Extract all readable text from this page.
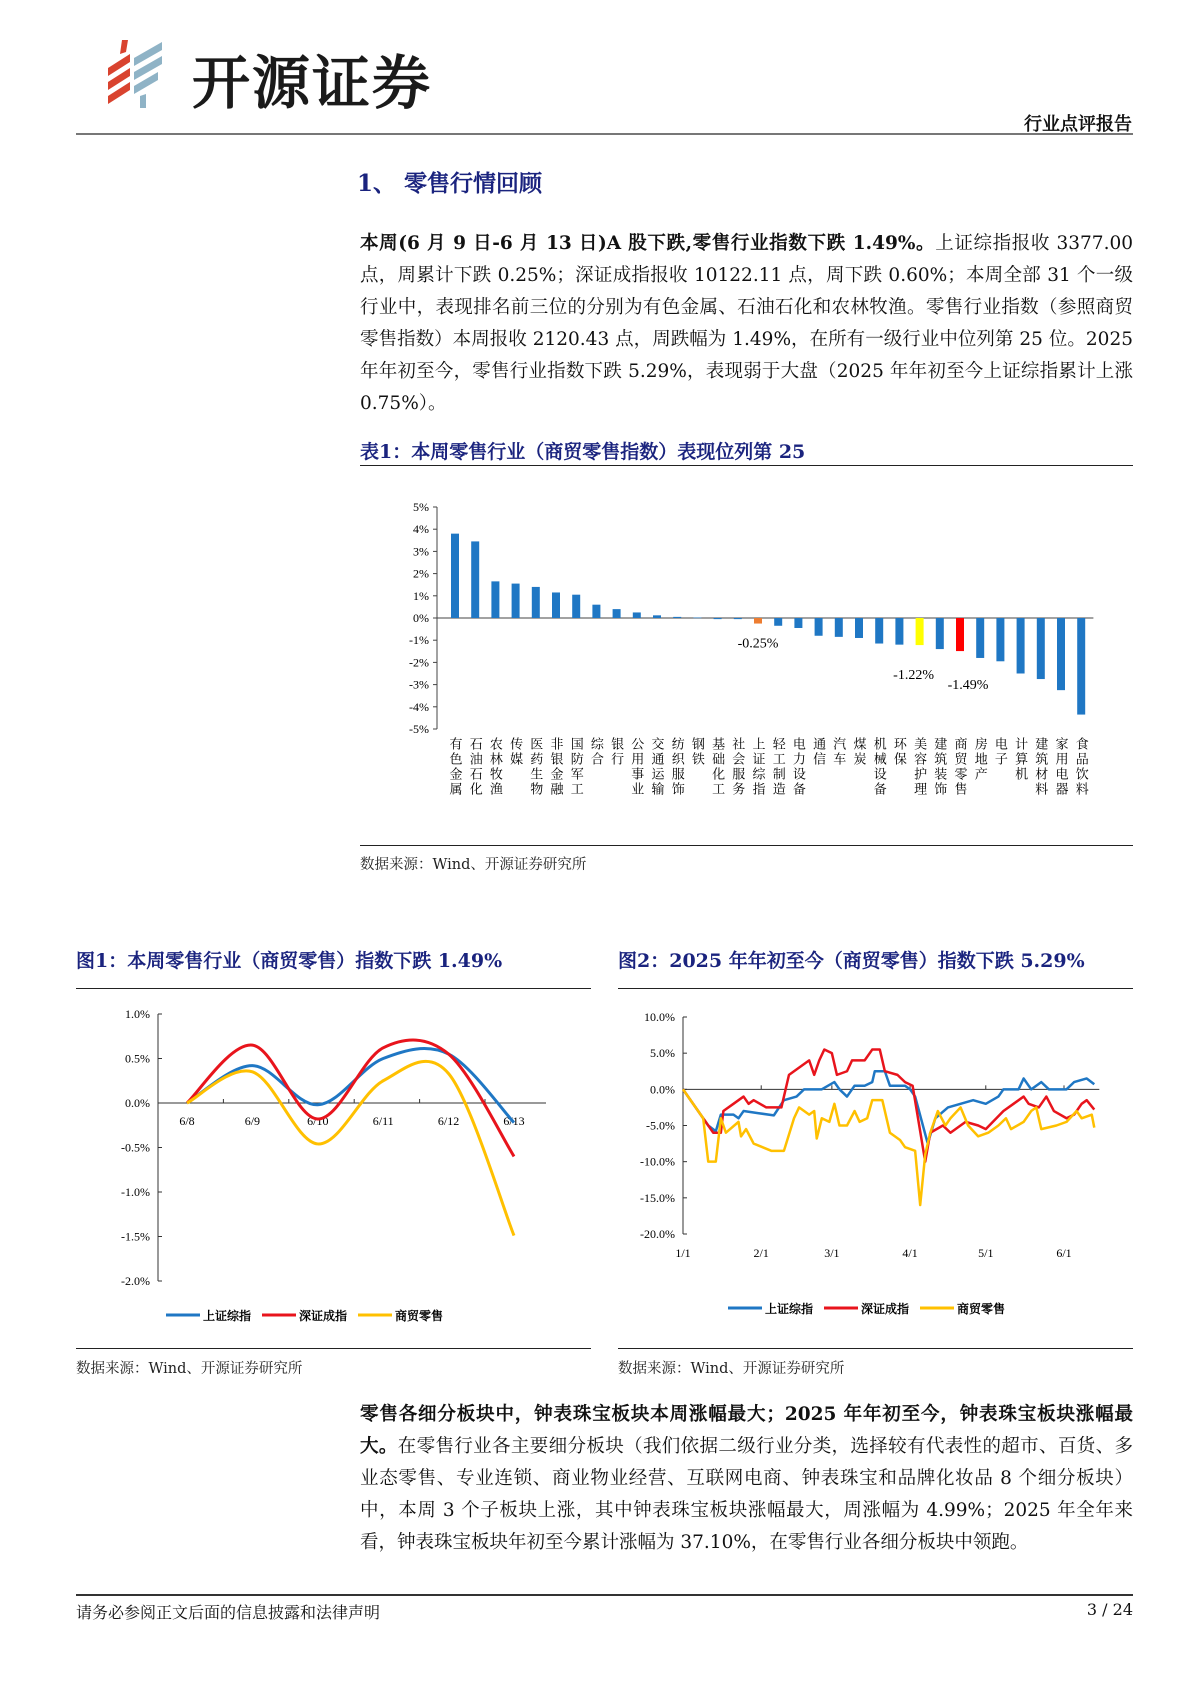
开源证券
行业点评报告
1、 零售行情回顾
本周(6 月 9 日-6 月 13 日)A 股下跌,零售行业指数下跌 1.49%。上证综指报收 3377.00 点，周累计下跌 0.25%；深证成指报收 10122.11 点，周下跌 0.60%；本周全部 31 个一级行业中，表现排名前三位的分别为有色金属、石油石化和农林牧渔。零售行业指数（参照商贸零售指数）本周报收 2120.43 点，周跌幅为 1.49%，在所有一级行业中位列第 25 位。2025 年年初至今，零售行业指数下跌 5.29%，表现弱于大盘（2025 年年初至今上证综指累计上涨 0.75%）。
表1：本周零售行业（商贸零售指数）表现位列第 25
5%
4%
3%
2%
1%
0%
-1%
-2%
-3%
-4%
-5%
有色金属 石油石化 农林牧渔 传媒 医药生物 非银金融 国防军工 综合 银行 公用事业 交通运输 纺织服饰 钢铁 基础化工 社会服务 上证综指 轻工制造 电力设备 通信 汽车 煤炭 机械设备 环保 美容护理 建筑装饰 商贸零售 房地产 电子 计算机 建筑材料 家用电器 食品饮料
-0.25%
-1.22%
-1.49%
数据来源：Wind、开源证券研究所
图1：本周零售行业（商贸零售）指数下跌 1.49%	图2：2025 年年初至今（商贸零售）指数下跌 5.29%
1.0%
0.5%
0.0%
-0.5%
-1.0%
-1.5%
-2.0%
6/8	6/9	6/10	6/11	6/12	6/13
上证综指	深证成指	商贸零售
10.0%
5.0%
0.0%
-5.0%
-10.0%
-15.0%
-20.0%
1/1	2/1	3/1	4/1	5/1	6/1
上证综指	深证成指	商贸零售
数据来源：Wind、开源证券研究所	数据来源：Wind、开源证券研究所
零售各细分板块中，钟表珠宝板块本周涨幅最大；2025 年年初至今，钟表珠宝板块涨幅最大。在零售行业各主要细分板块（我们依据二级行业分类，选择较有代表性的超市、百货、多业态零售、专业连锁、商业物业经营、互联网电商、钟表珠宝和品牌化妆品 8 个细分板块）中，本周 3 个子板块上涨，其中钟表珠宝板块涨幅最大，周涨幅为 4.99%；2025 年全年来看，钟表珠宝板块年初至今累计涨幅为 37.10%，在零售行业各细分板块中领跑。
请务必参阅正文后面的信息披露和法律声明	3 / 24
